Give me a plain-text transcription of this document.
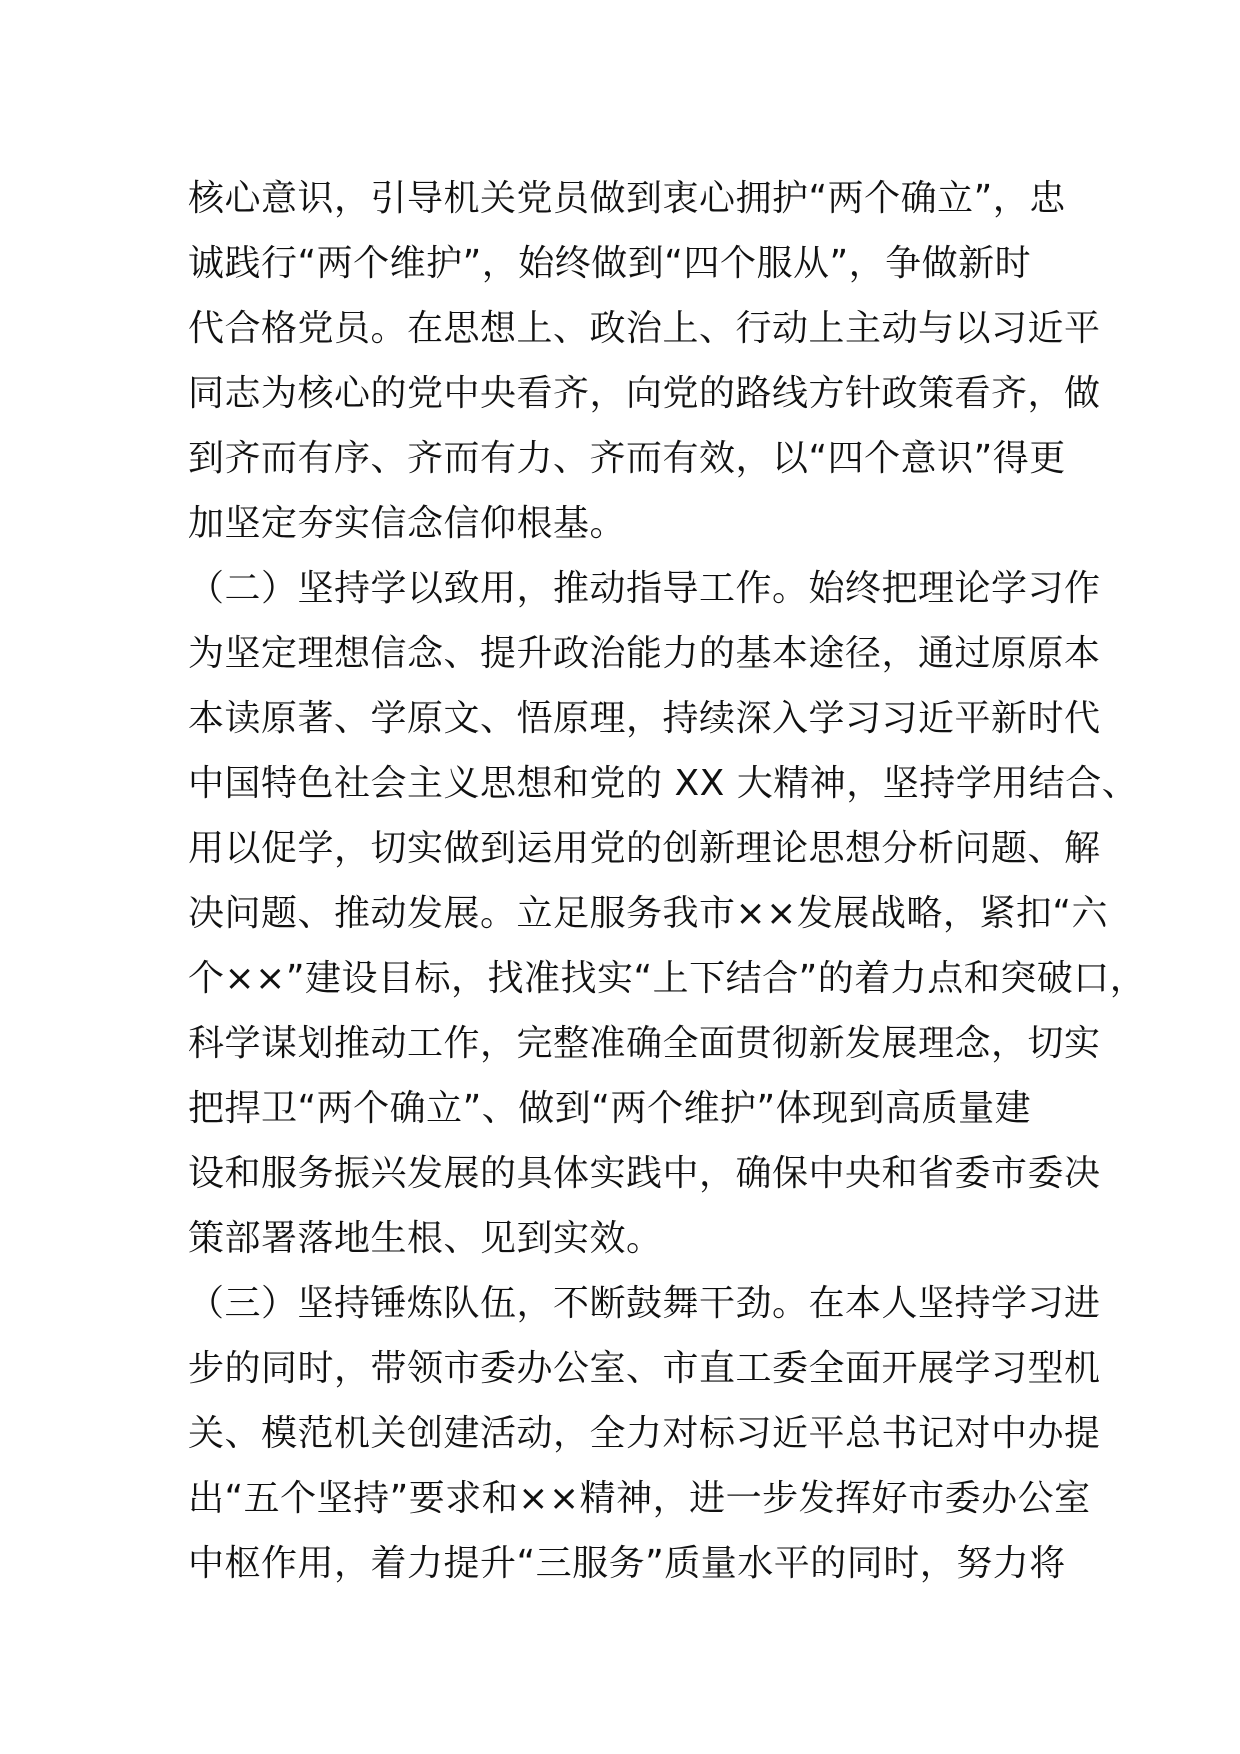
核心意识，引导机关党员做到衷心拥护“两个确立”，忠
诚践行“两个维护”，始终做到“四个服从”，争做新时
代合格党员。在思想上、政治上、行动上主动与以习近平
同志为核心的党中央看齐，向党的路线方针政策看齐，做
到齐而有序、齐而有力、齐而有效，以“四个意识”得更
加坚定夯实信念信仰根基。
（二）坚持学以致用，推动指导工作。始终把理论学习作
为坚定理想信念、提升政治能力的基本途径，通过原原本
本读原著、学原文、悟原理，持续深入学习习近平新时代
中国特色社会主义思想和党的 XX 大精神，坚持学用结合、
用以促学，切实做到运用党的创新理论思想分析问题、解
决问题、推动发展。立足服务我市××发展战略，紧扣“六
个××”建设目标，找准找实“上下结合”的着力点和突破口，
科学谋划推动工作，完整准确全面贯彻新发展理念，切实
把捍卫“两个确立”、做到“两个维护”体现到高质量建
设和服务振兴发展的具体实践中，确保中央和省委市委决
策部署落地生根、见到实效。
（三）坚持锤炼队伍，不断鼓舞干劲。在本人坚持学习进
步的同时，带领市委办公室、市直工委全面开展学习型机
关、模范机关创建活动，全力对标习近平总书记对中办提
出“五个坚持”要求和××精神，进一步发挥好市委办公室
中枢作用，着力提升“三服务”质量水平的同时，努力将
